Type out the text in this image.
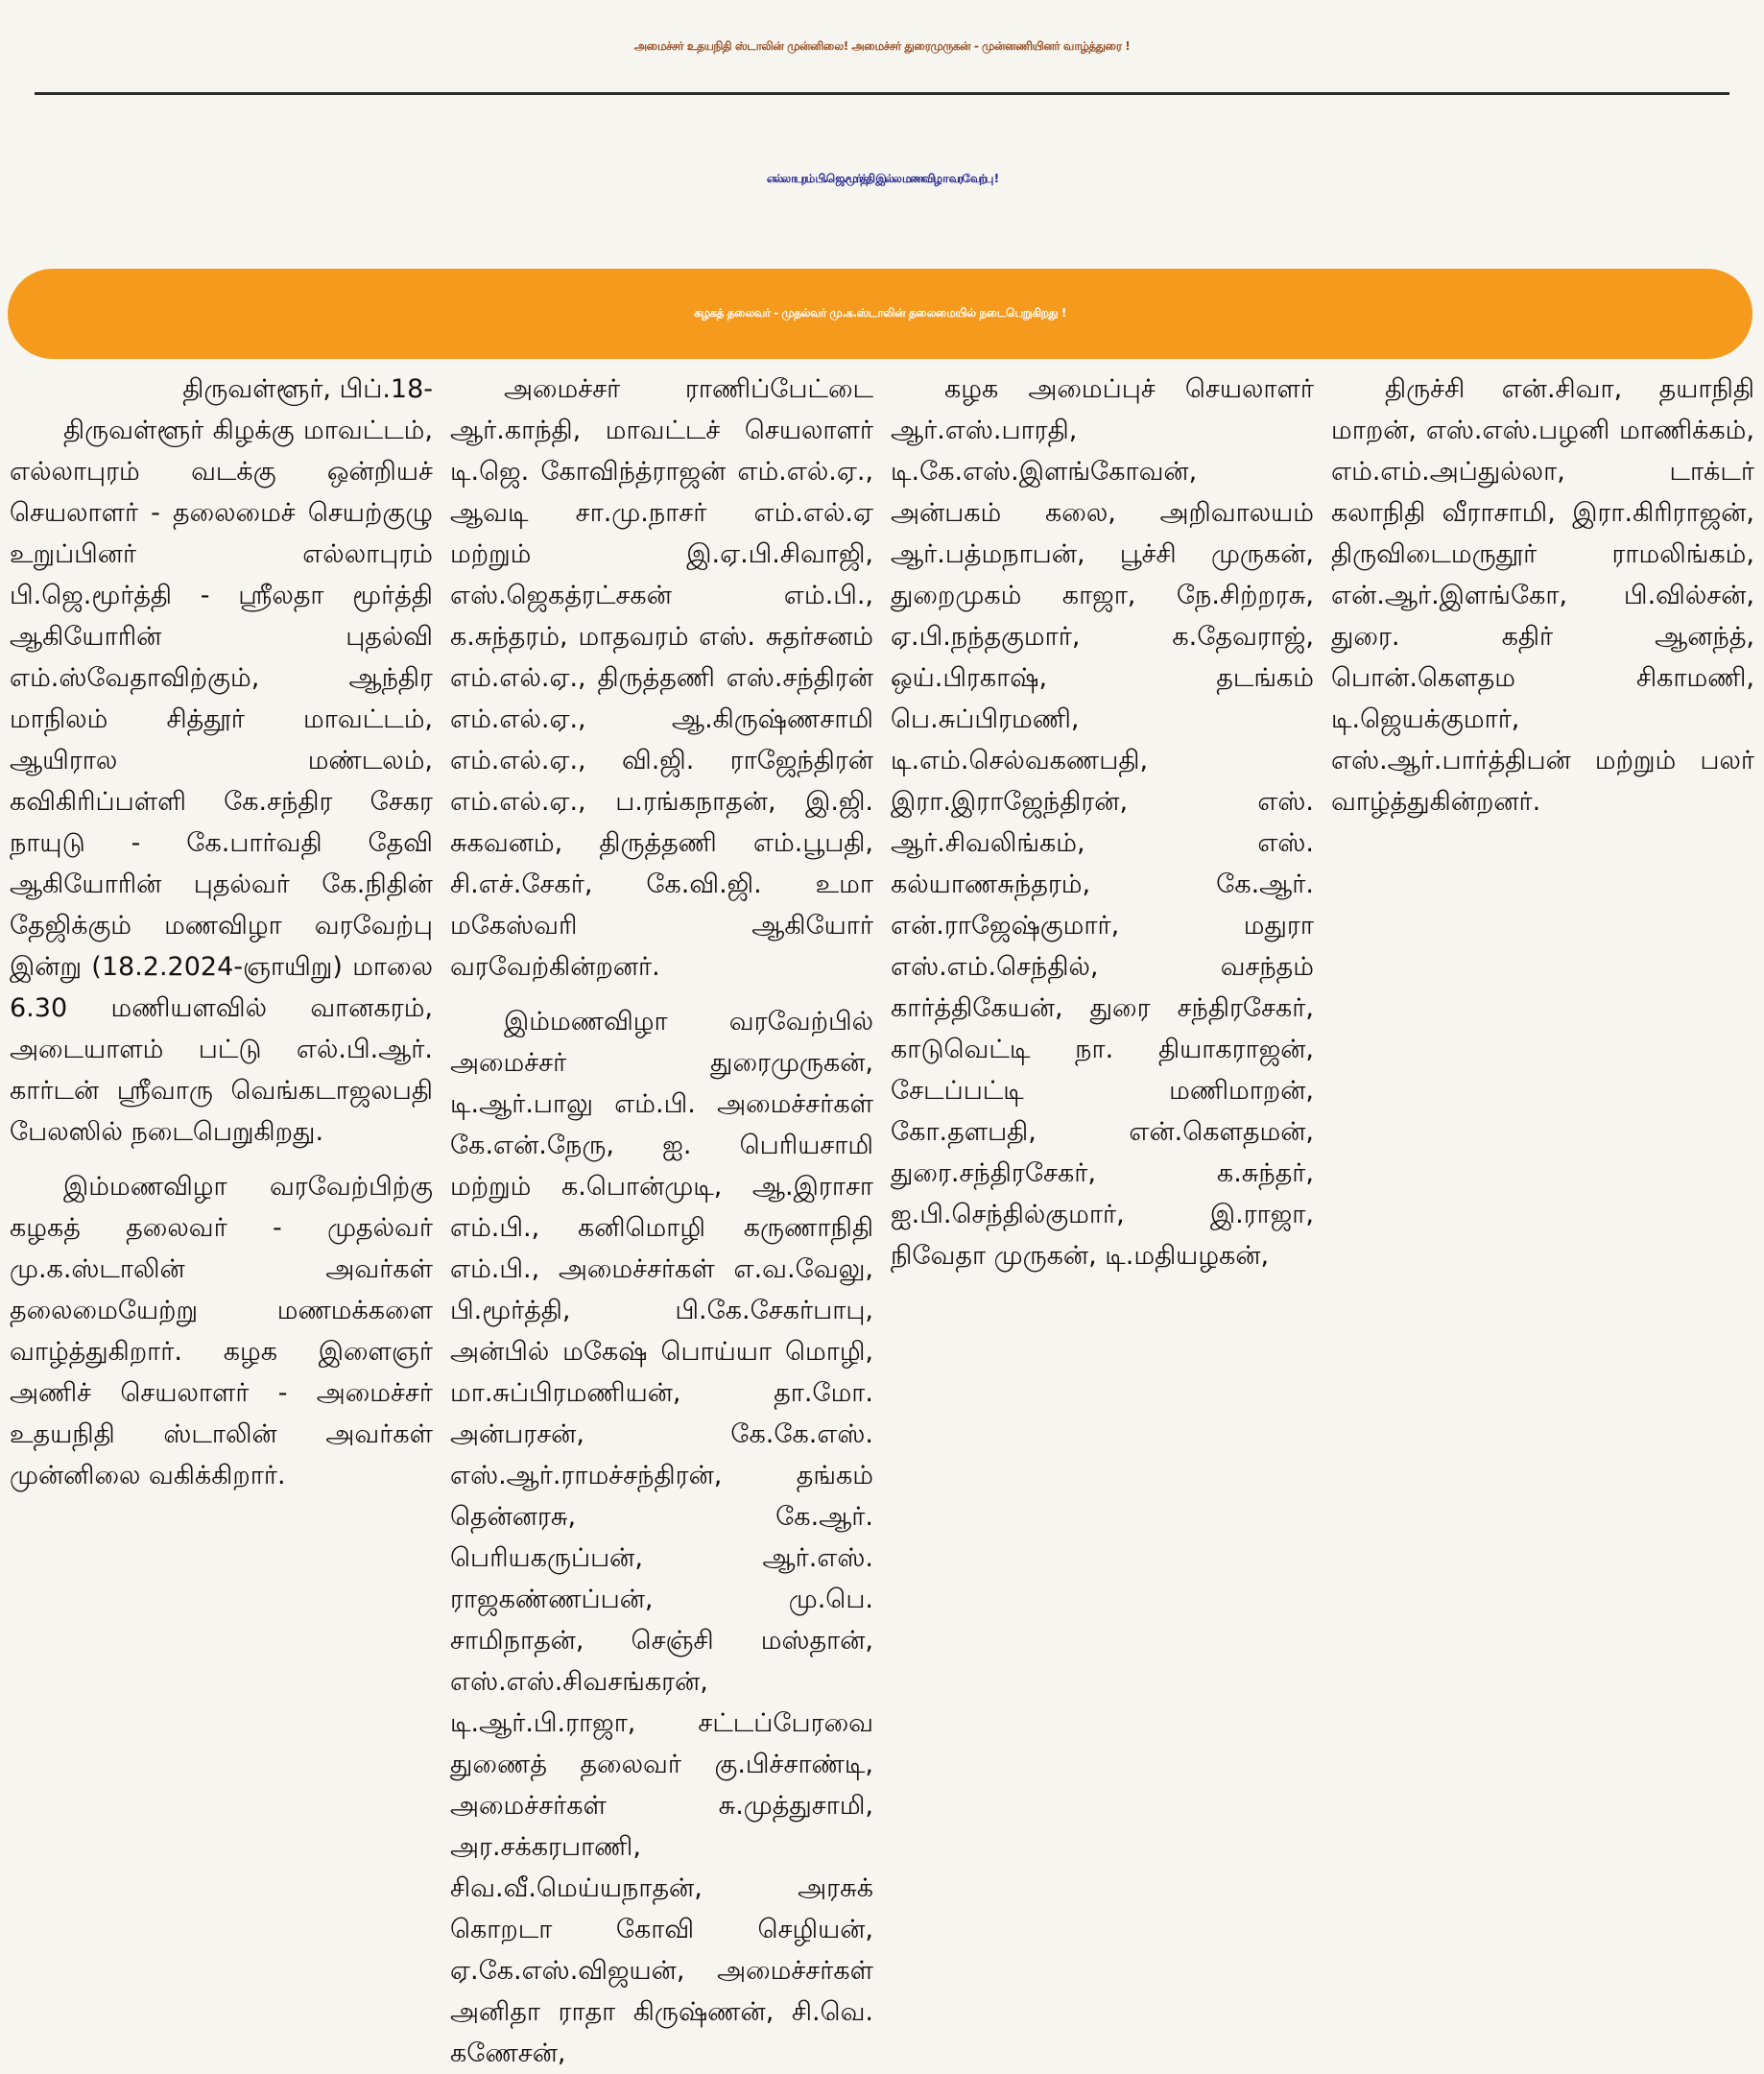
அமைச்சர் உதயநிதி ஸ்டாலின் முன்னிலை! அமைச்சர் துரைமுருகன் - முன்னணியினர் வாழ்த்துரை !
எல்லாபுரம் பி.ஜெ.மூர்த்தி இல்ல மணவிழா வரவேற்பு !
கழகத் தலைவர் - முதல்வர் மு.க.ஸ்டாலின் தலைமையில் நடைபெறுகிறது !
திருவள்ளூர், பிப்.18-

திருவள்ளூர் கிழக்கு மாவட்டம், எல்லாபுரம் வடக்கு ஒன்றியச் செயலாளர் - தலைமைச் செயற்குழு உறுப்பினர் எல்லாபுரம் பி.ஜெ.மூர்த்தி - ஸ்ரீலதா மூர்த்தி ஆகியோரின் புதல்வி எம்.ஸ்வேதாவிற்கும், ஆந்திர மாநிலம் சித்தூர் மாவட்டம், ஆயிரால மண்டலம், கவிகிரிப்பள்ளி கே.சந்திர சேகர நாயுடு - கே.பார்வதி தேவி ஆகியோரின் புதல்வர் கே.நிதின் தேஜிக்கும் மணவிழா வரவேற்பு இன்று (18.2.2024-ஞாயிறு) மாலை 6.30 மணியளவில் வானகரம், அடையாளம் பட்டு எல்.பி.ஆர். கார்டன் ஸ்ரீவாரு வெங்கடாஜலபதி பேலஸில் நடைபெறுகிறது.

இம்மணவிழா வரவேற்பிற்கு கழகத் தலைவர் - முதல்வர் மு.க.ஸ்டாலின் அவர்கள் தலைமையேற்று மணமக்களை வாழ்த்துகிறார். கழக இளைஞர் அணிச் செயலாளர் - அமைச்சர் உதயநிதி ஸ்டாலின் அவர்கள் முன்னிலை வகிக்கிறார்.

அமைச்சர் ராணிப்பேட்டை ஆர்.காந்தி, மாவட்டச் செயலாளர் டி.ஜெ. கோவிந்த்ராஜன் எம்.எல்.ஏ., ஆவடி சா.மு.நாசர் எம்.எல்.ஏ மற்றும் இ.ஏ.பி.சிவாஜி, எஸ்.ஜெகத்ரட்சகன் எம்.பி., க.சுந்தரம், மாதவரம் எஸ். சுதர்சனம் எம்.எல்.ஏ., திருத்தணி எஸ்.சந்திரன் எம்.எல்.ஏ., ஆ.கிருஷ்ணசாமி எம்.எல்.ஏ., வி.ஜி. ராஜேந்திரன் எம்.எல்.ஏ., ப.ரங்கநாதன், இ.ஜி. சுகவனம், திருத்தணி எம்.பூபதி, சி.எச்.சேகர், கே.வி.ஜி. உமா மகேஸ்வரி ஆகியோர் வரவேற்கின்றனர்.

இம்மணவிழா வரவேற்பில் அமைச்சர் துரைமுருகன், டி.ஆர்.பாலு எம்.பி. அமைச்சர்கள் கே.என்.நேரு, ஐ. பெரியசாமி மற்றும் க.பொன்முடி, ஆ.இராசா எம்.பி., கனிமொழி கருணாநிதி எம்.பி., அமைச்சர்கள் எ.வ.வேலு, பி.மூர்த்தி, பி.கே.சேகர்பாபு, அன்பில் மகேஷ் பொய்யா மொழி, மா.சுப்பிரமணியன், தா.மோ. அன்பரசன், கே.கே.எஸ். எஸ்.ஆர்.ராமச்சந்திரன், தங்கம் தென்னரசு, கே.ஆர். பெரியகருப்பன், ஆர்.எஸ். ராஜகண்ணப்பன், மு.பெ. சாமிநாதன், செஞ்சி மஸ்தான், எஸ்.எஸ்.சிவசங்கரன், டி.ஆர்.பி.ராஜா, சட்டப்பேரவை துணைத் தலைவர் கு.பிச்சாண்டி, அமைச்சர்கள் சு.முத்துசாமி, அர.சக்கரபாணி, சிவ.வீ.மெய்யநாதன், அரசுக் கொறடா கோவி செழியன், ஏ.கே.எஸ்.விஜயன், அமைச்சர்கள் அனிதா ராதா கிருஷ்ணன், சி.வெ. கணேசன்,

கழக அமைப்புச் செயலாளர் ஆர்.எஸ்.பாரதி, டி.கே.எஸ்.இளங்கோவன், அன்பகம் கலை, அறிவாலயம் ஆர்.பத்மநாபன், பூச்சி முருகன், துறைமுகம் காஜா, நே.சிற்றரசு, ஏ.பி.நந்தகுமார், க.தேவராஜ், ஒய்.பிரகாஷ், தடங்கம் பெ.சுப்பிரமணி, டி.எம்.செல்வகணபதி, இரா.இராஜேந்திரன், எஸ். ஆர்.சிவலிங்கம், எஸ். கல்யாணசுந்தரம், கே.ஆர். என்.ராஜேஷ்குமார், மதுரா எஸ்.எம்.செந்தில், வசந்தம் கார்த்திகேயன், துரை சந்திரசேகர், காடுவெட்டி நா. தியாகராஜன், சேடப்பட்டி மணிமாறன், கோ.தளபதி, என்.கௌதமன், துரை.சந்திரசேகர், க.சுந்தர், ஐ.பி.செந்தில்குமார், இ.ராஜா, நிவேதா முருகன், டி.மதியழகன்,

திருச்சி என்.சிவா, தயாநிதி மாறன், எஸ்.எஸ்.பழனி மாணிக்கம், எம்.எம்.அப்துல்லா, டாக்டர் கலாநிதி வீராசாமி, இரா.கிரிராஜன், திருவிடைமருதூர் ராமலிங்கம், என்.ஆர்.இளங்கோ, பி.வில்சன், துரை. கதிர் ஆனந்த், பொன்.கௌதம சிகாமணி, டி.ஜெயக்குமார், எஸ்.ஆர்.பார்த்திபன் மற்றும் பலர் வாழ்த்துகின்றனர்.
